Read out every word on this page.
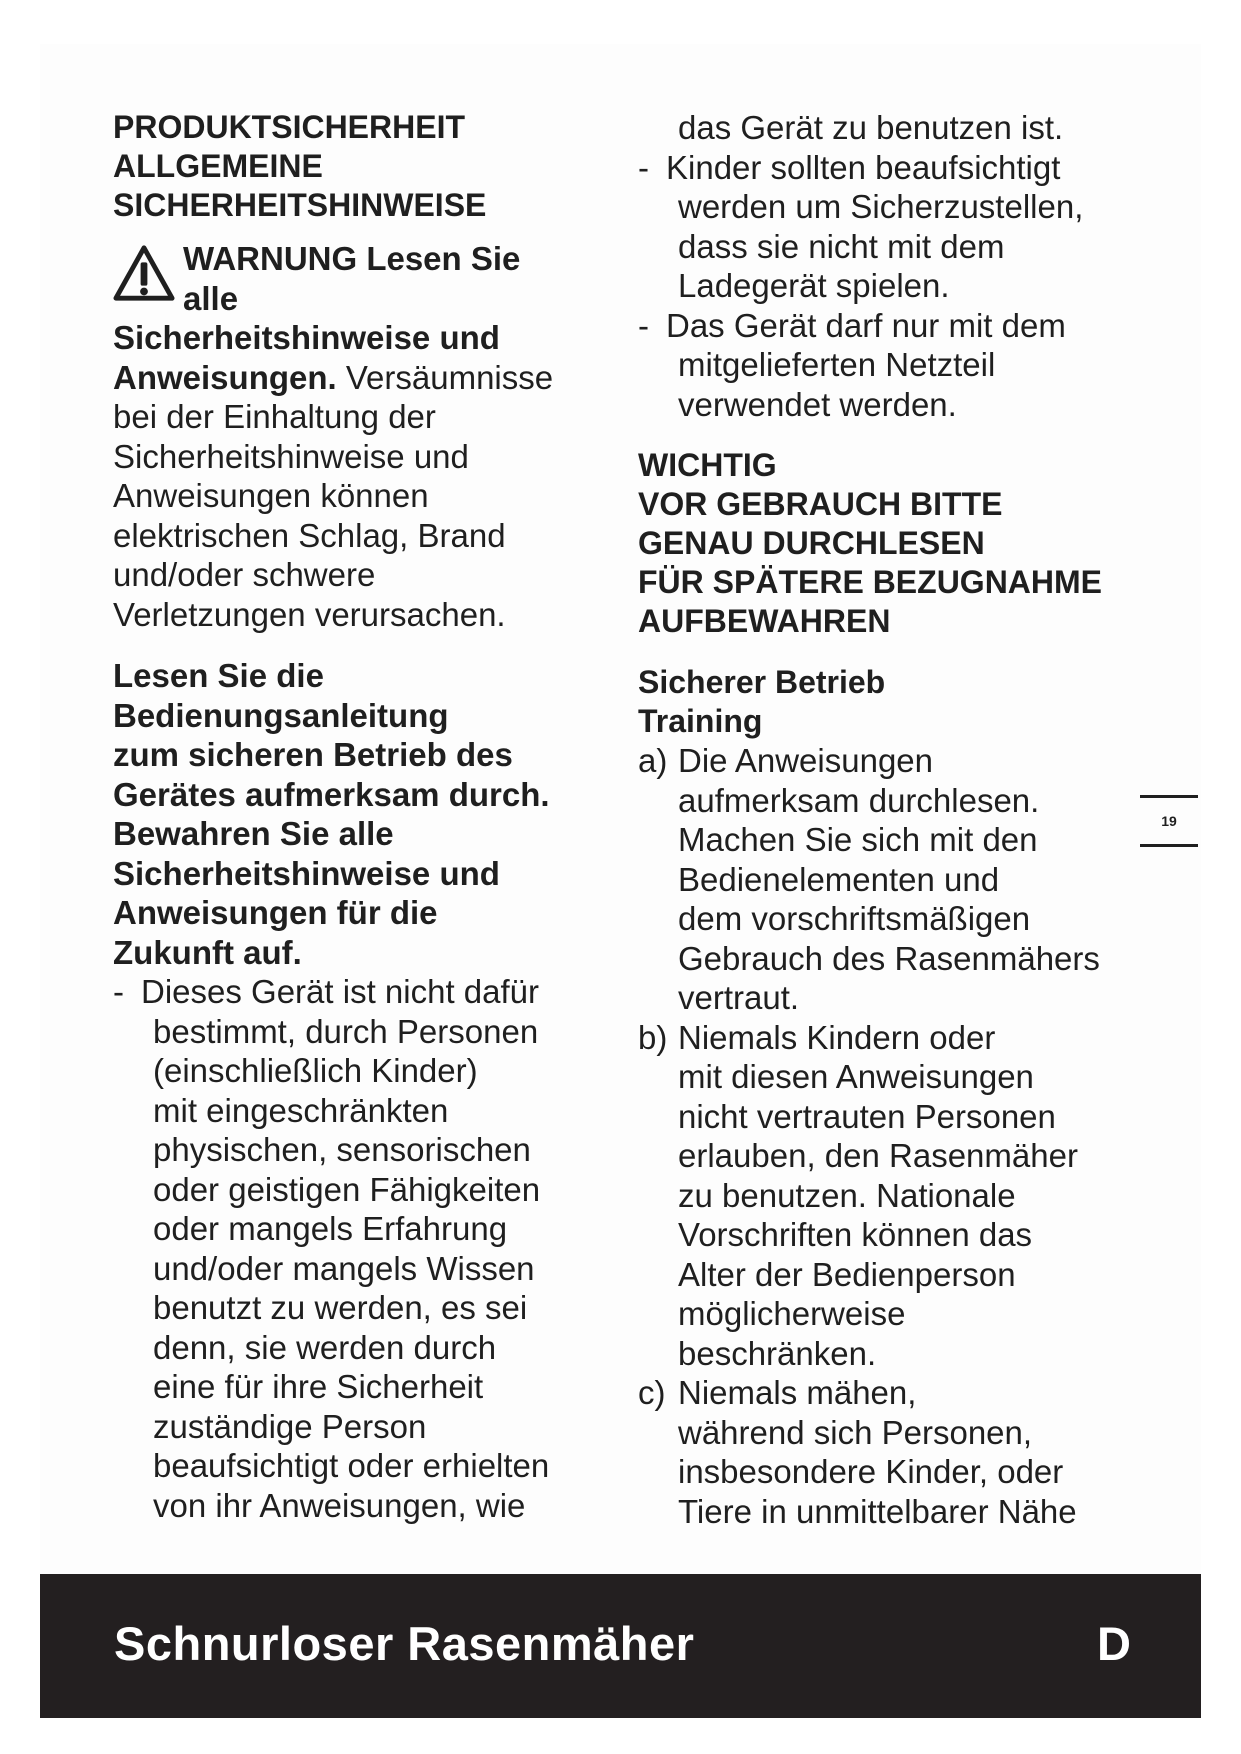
PRODUKTSICHERHEIT
ALLGEMEINE
SICHERHEITSHINWEISE
WARNUNG Lesen Sie
alle
Sicherheitshinweise und
Anweisungen. Versäumnisse
bei der Einhaltung der
Sicherheitshinweise und
Anweisungen können
elektrischen Schlag, Brand
und/oder schwere
Verletzungen verursachen.
Lesen Sie die
Bedienungsanleitung
zum sicheren Betrieb des
Gerätes aufmerksam durch.
Bewahren Sie alle
Sicherheitshinweise und
Anweisungen für die
Zukunft auf.
- Dieses Gerät ist nicht dafür
bestimmt, durch Personen
(einschließlich Kinder)
mit eingeschränkten
physischen, sensorischen
oder geistigen Fähigkeiten
oder mangels Erfahrung
und/oder mangels Wissen
benutzt zu werden, es sei
denn, sie werden durch
eine für ihre Sicherheit
zuständige Person
beaufsichtigt oder erhielten
von ihr Anweisungen, wie
das Gerät zu benutzen ist.
- Kinder sollten beaufsichtigt
werden um Sicherzustellen,
dass sie nicht mit dem
Ladegerät spielen.
- Das Gerät darf nur mit dem
mitgelieferten Netzteil
verwendet werden.
WICHTIG
VOR GEBRAUCH BITTE
GENAU DURCHLESEN
FÜR SPÄTERE BEZUGNAHME
AUFBEWAHREN
Sicherer Betrieb
Training
a) Die Anweisungen
aufmerksam durchlesen.
Machen Sie sich mit den
Bedienelementen und
dem vorschriftsmäßigen
Gebrauch des Rasenmähers
vertraut.
b) Niemals Kindern oder
mit diesen Anweisungen
nicht vertrauten Personen
erlauben, den Rasenmäher
zu benutzen. Nationale
Vorschriften können das
Alter der Bedienperson
möglicherweise
beschränken.
c) Niemals mähen,
während sich Personen,
insbesondere Kinder, oder
Tiere in unmittelbarer Nähe
19
Schnurloser Rasenmäher	D
